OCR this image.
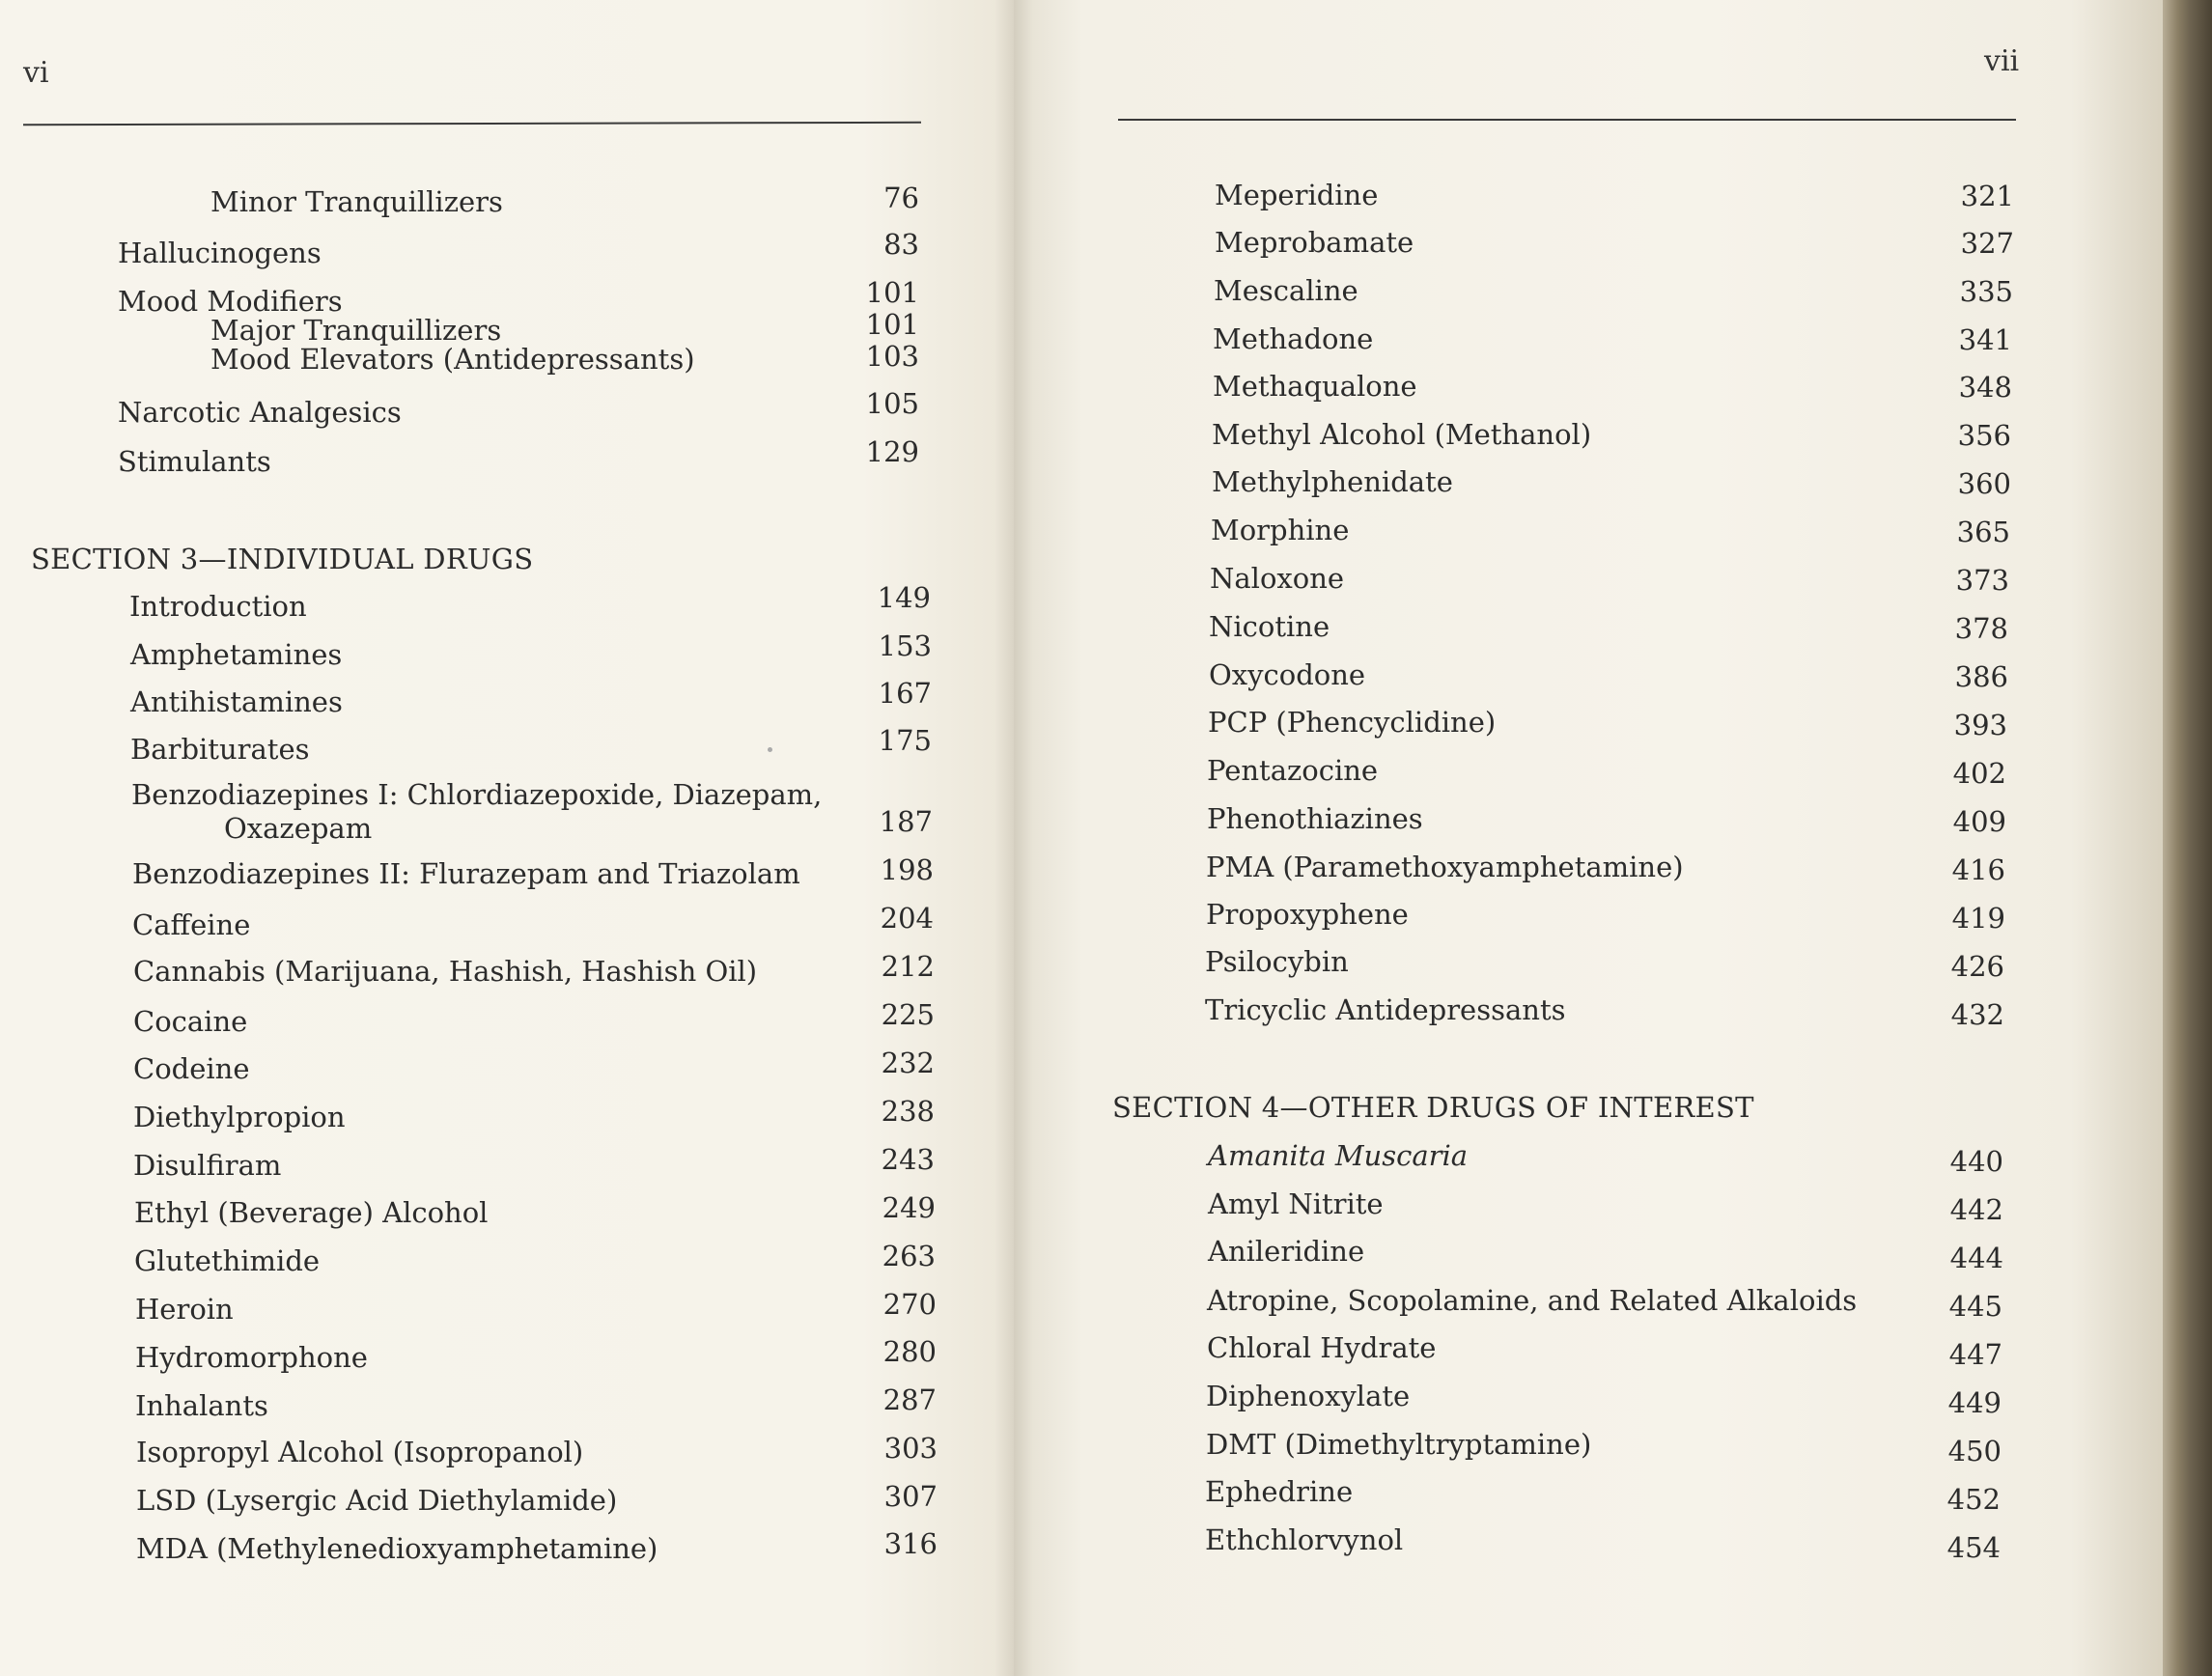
vi
Minor Tranquillizers	76
Hallucinogens	83
Mood Modifiers	101
Major Tranquillizers	101
Mood Elevators (Antidepressants)	103
Narcotic Analgesics	105
Stimulants	129
SECTION 3—INDIVIDUAL DRUGS
Introduction	149
Amphetamines	153
Antihistamines	167
Barbiturates	175
Benzodiazepines I: Chlordiazepoxide, Diazepam,
Oxazepam	187
Benzodiazepines II: Flurazepam and Triazolam	198
Caffeine	204
Cannabis (Marijuana, Hashish, Hashish Oil)	212
Cocaine	225
Codeine	232
Diethylpropion	238
Disulfiram	243
Ethyl (Beverage) Alcohol	249
Glutethimide	263
Heroin	270
Hydromorphone	280
Inhalants	287
Isopropyl Alcohol (Isopropanol)	303
LSD (Lysergic Acid Diethylamide)	307
MDA (Methylenedioxyamphetamine)	316
vii
Meperidine	321
Meprobamate	327
Mescaline	335
Methadone	341
Methaqualone	348
Methyl Alcohol (Methanol)	356
Methylphenidate	360
Morphine	365
Naloxone	373
Nicotine	378
Oxycodone	386
PCP (Phencyclidine)	393
Pentazocine	402
Phenothiazines	409
PMA (Paramethoxyamphetamine)	416
Propoxyphene	419
Psilocybin	426
Tricyclic Antidepressants	432
SECTION 4—OTHER DRUGS OF INTEREST
Amanita Muscaria	440
Amyl Nitrite	442
Anileridine	444
Atropine, Scopolamine, and Related Alkaloids	445
Chloral Hydrate	447
Diphenoxylate	449
DMT (Dimethyltryptamine)	450
Ephedrine	452
Ethchlorvynol	454
